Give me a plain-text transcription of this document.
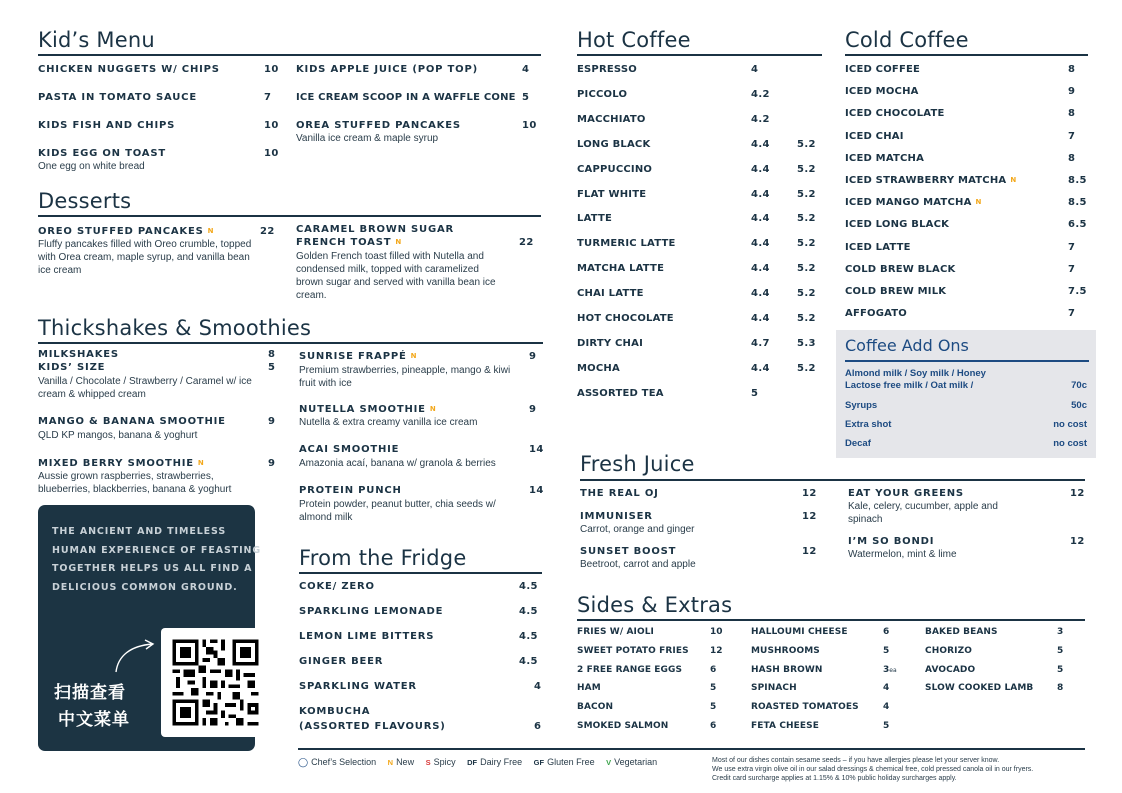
Kid’s Menu
CHICKEN NUGGETS W/ CHIPS	10
PASTA IN TOMATO SAUCE	7
KIDS FISH AND CHIPS	10
KIDS EGG ON TOAST	10
One egg on white bread
KIDS APPLE JUICE (POP TOP)	4
ICE CREAM SCOOP IN A WAFFLE CONE 5
OREA STUFFED PANCAKES	10
Vanilla ice cream & maple syrup
Desserts
OREO STUFFED PANCAKES N	22
Fluffy pancakes filled with Oreo crumble, topped with Orea cream, maple syrup, and vanilla bean ice cream
CARAMEL BROWN SUGAR
FRENCH TOAST N	22
Golden French toast filled with Nutella and condensed milk, topped with caramelized brown sugar and served with vanilla bean ice cream.
Thickshakes & Smoothies
MILKSHAKES	8
KIDS’ SIZE	5
Vanilla / Chocolate / Strawberry / Caramel w/ ice cream & whipped cream
MANGO & BANANA SMOOTHIE	9
QLD KP mangos, banana & yoghurt
MIXED BERRY SMOOTHIE N	9
Aussie grown raspberries, strawberries, blueberries, blackberries, banana & yoghurt
SUNRISE FRAPPÉ N	9
Premium strawberries, pineapple, mango & kiwi fruit with ice
NUTELLA SMOOTHIE N	9
Nutella & extra creamy vanilla ice cream
ACAI SMOOTHIE	14
Amazonia acaí, banana w/ granola & berries
PROTEIN PUNCH	14
Protein powder, peanut butter, chia seeds w/ almond milk
THE ANCIENT AND TIMELESS HUMAN EXPERIENCE OF FEASTING TOGETHER HELPS US ALL FIND A DELICIOUS COMMON GROUND.
扫描查看
中文菜单
From the Fridge
COKE/ ZERO	4.5
SPARKLING LEMONADE	4.5
LEMON LIME BITTERS	4.5
GINGER BEER	4.5
SPARKLING WATER	4
KOMBUCHA
(ASSORTED FLAVOURS)	6
Hot Coffee
ESPRESSO	4
PICCOLO	4.2
MACCHIATO	4.2
LONG BLACK	4.4	5.2
CAPPUCCINO	4.4	5.2
FLAT WHITE	4.4	5.2
LATTE	4.4	5.2
TURMERIC LATTE	4.4	5.2
MATCHA LATTE	4.4	5.2
CHAI LATTE	4.4	5.2
HOT CHOCOLATE	4.4	5.2
DIRTY CHAI	4.7	5.3
MOCHA	4.4	5.2
ASSORTED TEA	5
Cold Coffee
ICED COFFEE	8
ICED MOCHA	9
ICED CHOCOLATE	8
ICED CHAI	7
ICED MATCHA	8
ICED STRAWBERRY MATCHA N	8.5
ICED MANGO MATCHA N	8.5
ICED LONG BLACK	6.5
ICED LATTE	7
COLD BREW BLACK	7
COLD BREW MILK	7.5
AFFOGATO	7
Coffee Add Ons
Almond milk / Soy milk / Honey
Lactose free milk / Oat milk /	70c
Syrups	50c
Extra shot	no cost
Decaf	no cost
Fresh Juice
THE REAL OJ	12
IMMUNISER	12
Carrot, orange and ginger
SUNSET BOOST	12
Beetroot, carrot and apple
EAT YOUR GREENS	12
Kale, celery, cucumber, apple and spinach
I’M SO BONDI	12
Watermelon, mint & lime
Sides & Extras
FRIES W/ AIOLI	10
SWEET POTATO FRIES 12
2 FREE RANGE EGGS	6
HAM	5
BACON	5
SMOKED SALMON	6
HALLOUMI CHEESE	6
MUSHROOMS	5
HASH BROWN	3ea
SPINACH	4
ROASTED TOMATOES	4
FETA CHEESE	5
BAKED BEANS	3
CHORIZO	5
AVOCADO	5
SLOW COOKED LAMB	8
◯ Chef’s Selection N New S Spicy DF Dairy Free GF Gluten Free V Vegetarian	Most of our dishes contain sesame seeds – if you have allergies please let your server know.
We use extra virgin olive oil in our salad dressings & chemical free, cold pressed canola oil in our fryers.
Credit card surcharge applies at 1.15% & 10% public holiday surcharges apply.
